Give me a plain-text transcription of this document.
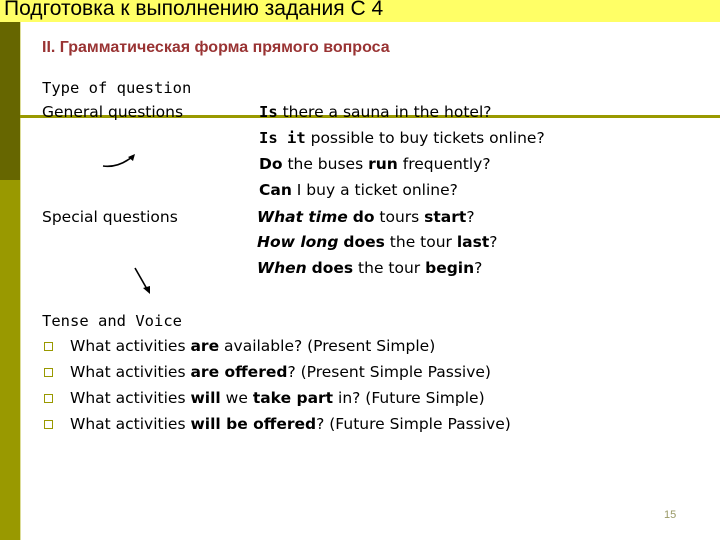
Подготовка к выполнению задания С 4
II. Грамматическая форма прямого вопроса
Type of question
General questions
Special questions
Is there a sauna in the hotel?
Is it possible to buy tickets online?
Do the buses run frequently?
Can I buy a ticket online?
What time do tours start?
How long does the tour last?
When does the tour begin?
Tense and Voice
What activities are available? (Present Simple)
What activities are offered? (Present Simple Passive)
What activities will we take part in? (Future Simple)
What activities will be offered? (Future Simple Passive)
15
